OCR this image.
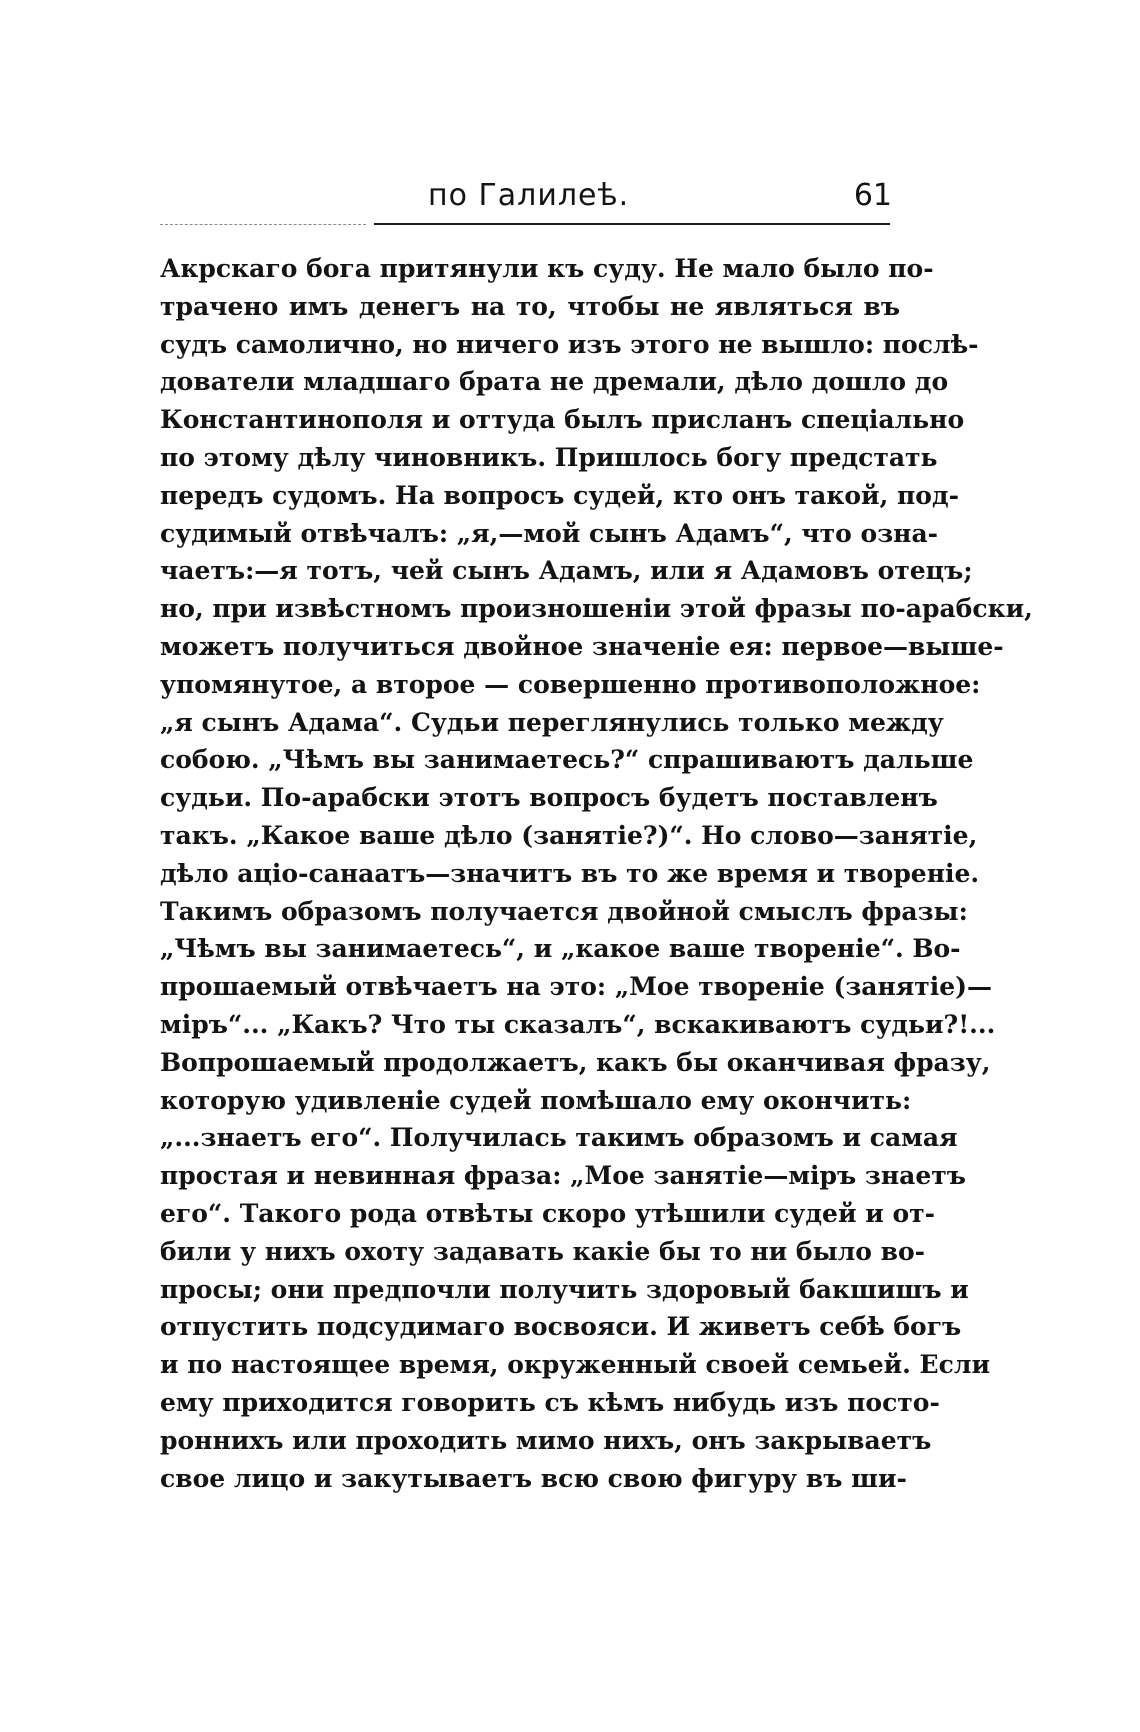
по Галилеѣ.	61
Акрскаго бога притянули къ суду. Не мало было по-
трачено имъ денегъ на то, чтобы не являться въ
судъ самолично, но ничего изъ этого не вышло: послѣ-
дователи младшаго брата не дремали, дѣло дошло до
Константинополя и оттуда былъ присланъ спеціально
по этому дѣлу чиновникъ. Пришлось богу предстать
передъ судомъ. На вопросъ судей, кто онъ такой, под-
судимый отвѣчалъ: „я,—мой сынъ Адамъ“, что озна-
чаетъ:—я тотъ, чей сынъ Адамъ, или я Адамовъ отецъ;
но, при извѣстномъ произношеніи этой фразы по-арабски,
можетъ получиться двойное значеніе ея: первое—выше-
упомянутое, а второе — совершенно противоположное:
„я сынъ Адама“. Судьи переглянулись только между
собою. „Чѣмъ вы занимаетесь?“ спрашиваютъ дальше
судьи. По-арабски этотъ вопросъ будетъ поставленъ
такъ. „Какое ваше дѣло (занятіе?)“. Но слово—занятіе,
дѣло аціо-санаатъ—значитъ въ то же время и твореніе.
Такимъ образомъ получается двойной смыслъ фразы:
„Чѣмъ вы занимаетесь“, и „какое ваше твореніе“. Во-
прошаемый отвѣчаетъ на это: „Мое твореніе (занятіе)—
міръ“... „Какъ? Что ты сказалъ“, вскакиваютъ судьи?!...
Вопрошаемый продолжаетъ, какъ бы оканчивая фразу,
которую удивленіе судей помѣшало ему окончить:
„...знаетъ его“. Получилась такимъ образомъ и самая
простая и невинная фраза: „Мое занятіе—міръ знаетъ
его“. Такого рода отвѣты скоро утѣшили судей и от-
били у нихъ охоту задавать какіе бы то ни было во-
просы; они предпочли получить здоровый бакшишъ и
отпустить подсудимаго восвояси. И живетъ себѣ богъ
и по настоящее время, окруженный своей семьей. Если
ему приходится говорить съ кѣмъ нибудь изъ посто-
роннихъ или проходить мимо нихъ, онъ закрываетъ
свое лицо и закутываетъ всю свою фигуру въ ши-
